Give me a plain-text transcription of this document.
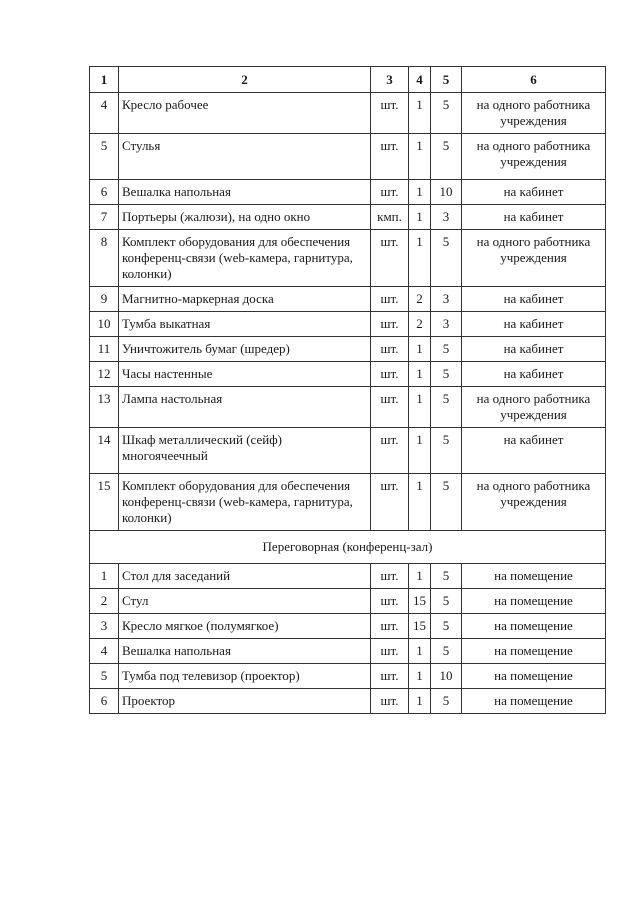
1	2	3	4	5	6
4	Кресло рабочее	шт.	1	5	на одного работника учреждения
5	Стулья	шт.	1	5	на одного работника учреждения
6	Вешалка напольная	шт.	1	10	на кабинет
7	Портьеры (жалюзи), на одно окно	кмп.	1	3	на кабинет
8	Комплект оборудования для обеспечения конференц-связи (web-камера, гарнитура, колонки)	шт.	1	5	на одного работника учреждения
9	Магнитно-маркерная доска	шт.	2	3	на кабинет
10	Тумба выкатная	шт.	2	3	на кабинет
11	Уничтожитель бумаг (шредер)	шт.	1	5	на кабинет
12	Часы настенные	шт.	1	5	на кабинет
13	Лампа настольная	шт.	1	5	на одного работника учреждения
14	Шкаф металлический (сейф) многоячеечный	шт.	1	5	на кабинет
15	Комплект оборудования для обеспечения конференц-связи (web-камера, гарнитура, колонки)	шт.	1	5	на одного работника учреждения
Переговорная (конференц-зал)					
1	Стол для заседаний	шт.	1	5	на помещение
2	Стул	шт.	15	5	на помещение
3	Кресло мягкое (полумягкое)	шт.	15	5	на помещение
4	Вешалка напольная	шт.	1	5	на помещение
5	Тумба под телевизор (проектор)	шт.	1	10	на помещение
6	Проектор	шт.	1	5	на помещение
